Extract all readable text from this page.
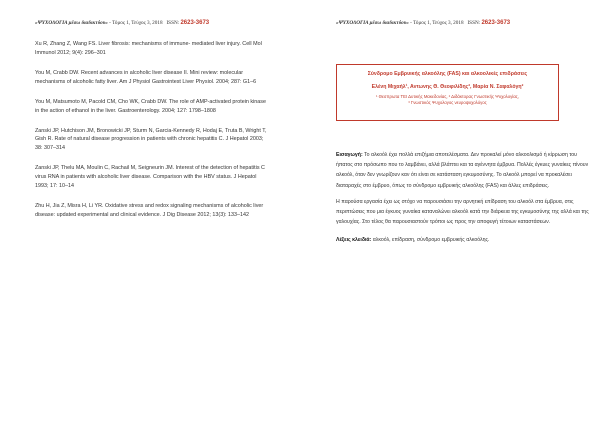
«ΨΥΧΟΛΟΓΙΑ μέσω διαδικτύου» - Τόμος 1, Τεύχος 3, 2018 ISSN: 2623-3673

Xu R, Zhang Z, Wang FS. Liver fibrosis: mechanisms of immune- mediated liver injury. Cell Mol Immunol 2012; 9(4): 296–301

You M, Crabb DW. Recent advances in alcoholic liver disease II. Mini review: molecular mechanisms of alcoholic fatty liver. Am J Physiol Gastrointest Liver Physiol. 2004; 287: G1–6

You M, Matsumoto M, Pacold CM, Cho WK, Crabb DW. The role of AMP-activated protein kinase in the action of ethanol in the liver. Gastroenterology. 2004; 127: 1798–1808

Zanski JP, Hutchison JM, Bronowicki JP, Sturm N, Garcia-Kennedy R, Hodaj E, Truta B, Wright T, Gish R. Rate of natural disease progression in patients with chronic hepatitis C. J Hepatol 2003; 38: 307–314

Zanski JP, Thelu MA, Moulin C, Rachail M, Seigneurin JM. Interest of the detection of hepatitis C virus RNA in patients with alcoholic liver disease. Comparison with the HBV status. J Hepatol 1993; 17: 10–14

Zhu H, Jia Z, Misra H, Li YR. Oxidative stress and redox signaling mechanisms of alcoholic liver disease: updated experimental and clinical evidence. J Dig Disease 2012; 13(3): 133–142

«ΨΥΧΟΛΟΓΙΑ μέσω διαδικτύου» - Τόμος 1, Τεύχος 3, 2018 ISSN: 2623-3673
Σύνδρομο Εμβρυικής αλκοόλης (FAS) και αλκοολικές επιδράσεις
Ελένη Μιχαήλ¹, Αντωνης Θ. Θεοφιλίδης², Μαρία Ν. Σαφαλόγη²
¹ Θεσπρωτα ΤΕΙ Δυτικής Μακεδονίας, ² Διδάκτορας Γνωστικής Ψυχολογίας,
³ Γνωστικός Ψυχολογος νευροψυχολόγος

Εισαγωγή: Το αλκοόλ έχει πολλά επιζήμια αποτελέσματα. Δεν προκαλεί μόνο αλκοολισμό ή κίρρωση του ήπατος στο πρόσωπο που το λαμβάνει, αλλά βλάπτει και τα αγέννητα έμβρυα. Πολλές έγκυες γυναίκες πίνουν αλκοόλ, όταν δεν γνωρίζουν καν ότι είναι σε κατάσταση εγκυμοσύνης. Το αλκοόλ μπορεί να προκαλέσει διαταραχές στο έμβρυο, όπως το σύνδρομο εμβρυικής αλκοόλης (FAS) και άλλες επιδράσεις.

Η παρούσα εργασία έχει ως στόχο να παρουσιάσει την αρνητική επίδραση του αλκοόλ στα έμβρυα, στις περιπτώσεις που μια έγκυος γυναίκα καταναλώνει αλκοόλ κατά την διάρκεια της εγκυμοσύνης της αλλά και της γαλουχίας. Στο τέλος θα παρουσιαστούν τρόποι ως προς την αποφυγή τέτοιων καταστάσεων.

Λέξεις κλειδιά: αλκοόλ, επίδραση, σύνδρομο εμβρυικής αλκοόλης.
